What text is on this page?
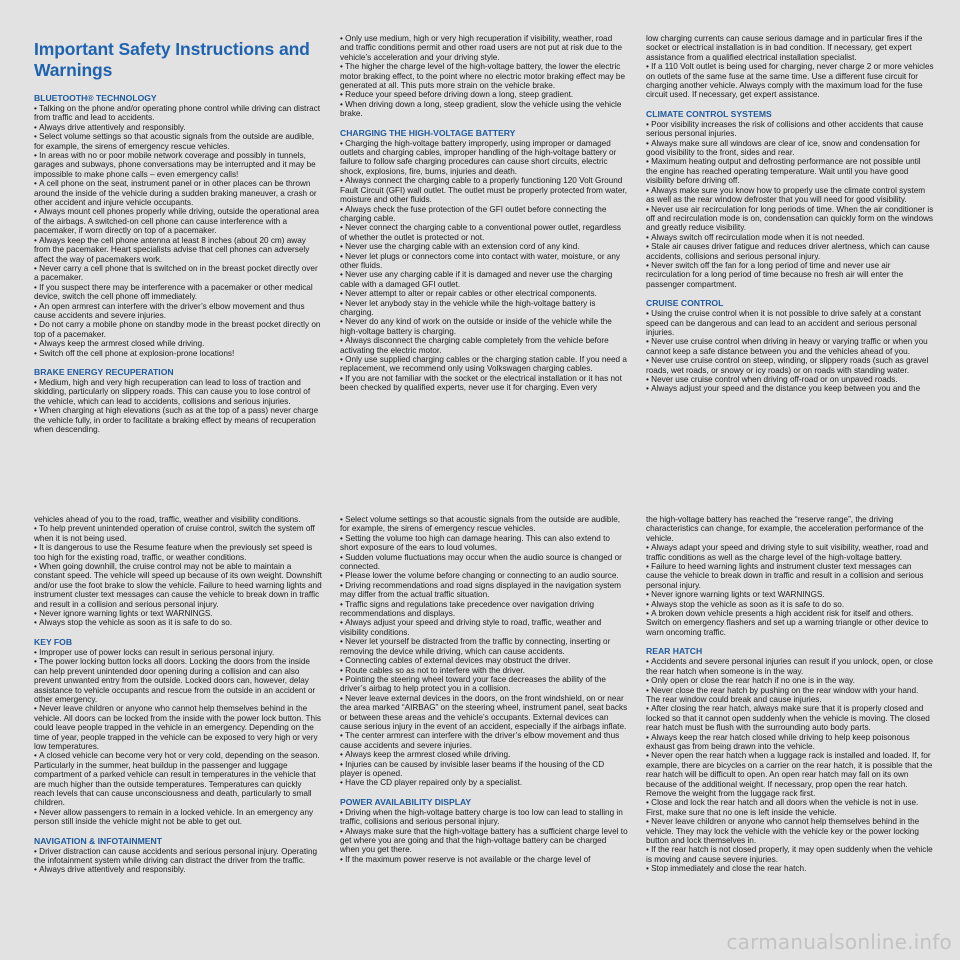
Important Safety Instructions and Warnings
BLUETOOTH® TECHNOLOGY

• Talking on the phone and/or operating phone control while driving can distract from traffic and lead to accidents.

• Always drive attentively and responsibly.

• Select volume settings so that acoustic signals from the outside are audible, for example, the sirens of emergency rescue vehicles.

• In areas with no or poor mobile network coverage and possibly in tunnels, garages and subways, phone conversations may be interrupted and it may be impossible to make phone calls – even emergency calls!

• A cell phone on the seat, instrument panel or in other places can be thrown around the inside of the vehicle during a sudden braking maneuver, a crash or other accident and injure vehicle occupants.

• Always mount cell phones properly while driving, outside the operational area of the airbags. A switched-on cell phone can cause interference with a pacemaker, if worn directly on top of a pacemaker.

• Always keep the cell phone antenna at least 8 inches (about 20 cm) away from the pacemaker. Heart specialists advise that cell phones can adversely affect the way of pacemakers work.

• Never carry a cell phone that is switched on in the breast pocket directly over a pacemaker.

• If you suspect there may be interference with a pacemaker or other medical device, switch the cell phone off immediately.

• An open armrest can interfere with the driver’s elbow movement and thus cause accidents and severe injuries.

• Do not carry a mobile phone on standby mode in the breast pocket directly on top of a pacemaker.

• Always keep the armrest closed while driving.

• Switch off the cell phone at explosion-prone locations!

BRAKE ENERGY RECUPERATION

• Medium, high and very high recuperation can lead to loss of traction and skidding, particularly on slippery roads. This can cause you to lose control of the vehicle, which can lead to accidents, collisions and serious injuries.

• When charging at high elevations (such as at the top of a pass) never charge the vehicle fully, in order to facilitate a braking effect by means of recuperation when descending.

• Only use medium, high or very high recuperation if visibility, weather, road and traffic conditions permit and other road users are not put at risk due to the vehicle’s acceleration and your driving style.

• The higher the charge level of the high-voltage battery, the lower the electric motor braking effect, to the point where no electric motor braking effect may be generated at all. This puts more strain on the vehicle brake.

• Reduce your speed before driving down a long, steep gradient.

• When driving down a long, steep gradient, slow the vehicle using the vehicle brake.

CHARGING THE HIGH-VOLTAGE BATTERY

• Charging the high-voltage battery improperly, using improper or damaged outlets and charging cables, improper handling of the high-voltage battery or failure to follow safe charging procedures can cause short circuits, electric shock, explosions, fire, burns, injuries and death.

• Always connect the charging cable to a properly functioning 120 Volt Ground Fault Circuit (GFI) wall outlet. The outlet must be properly protected from water, moisture and other fluids.

• Always check the fuse protection of the GFI outlet before connecting the charging cable.

• Never connect the charging cable to a conventional power outlet, regardless of whether the outlet is protected or not.

• Never use the charging cable with an extension cord of any kind.

• Never let plugs or connectors come into contact with water, moisture, or any other fluids.

• Never use any charging cable if it is damaged and never use the charging cable with a damaged GFI outlet.

• Never attempt to alter or repair cables or other electrical components.

• Never let anybody stay in the vehicle while the high-voltage battery is charging.

• Never do any kind of work on the outside or inside of the vehicle while the high-voltage battery is charging.

• Always disconnect the charging cable completely from the vehicle before activating the electric motor.

• Only use supplied charging cables or the charging station cable. If you need a replacement, we recommend only using Volkswagen charging cables.

• If you are not familiar with the socket or the electrical installation or it has not been checked by qualified experts, never use it for charging. Even very

low charging currents can cause serious damage and in particular fires if the socket or electrical installation is in bad condition. If necessary, get expert assistance from a qualified electrical installation specialist.

• If a 110 Volt outlet is being used for charging, never charge 2 or more vehicles on outlets of the same fuse at the same time. Use a different fuse circuit for charging another vehicle. Always comply with the maximum load for the fuse circuit used. If necessary, get expert assistance.

CLIMATE CONTROL SYSTEMS

• Poor visibility increases the risk of collisions and other accidents that cause serious personal injuries.

• Always make sure all windows are clear of ice, snow and condensation for good visibility to the front, sides and rear.

• Maximum heating output and defrosting performance are not possible until the engine has reached operating temperature. Wait until you have good visibility before driving off.

• Always make sure you know how to properly use the climate control system as well as the rear window defroster that you will need for good visibility.

• Never use air recirculation for long periods of time. When the air conditioner is off and recirculation mode is on, condensation can quickly form on the windows and greatly reduce visibility.

• Always switch off recirculation mode when it is not needed.

• Stale air causes driver fatigue and reduces driver alertness, which can cause accidents, collisions and serious personal injury.

• Never switch off the fan for a long period of time and never use air recirculation for a long period of time because no fresh air will enter the passenger compartment.

CRUISE CONTROL

• Using the cruise control when it is not possible to drive safely at a constant speed can be dangerous and can lead to an accident and serious personal injuries.

• Never use cruise control when driving in heavy or varying traffic or when you cannot keep a safe distance between you and the vehicles ahead of you.

• Never use cruise control on steep, winding, or slippery roads (such as gravel roads, wet roads, or snowy or icy roads) or on roads with standing water.

• Never use cruise control when driving off-road or on unpaved roads.

• Always adjust your speed and the distance you keep between you and the

vehicles ahead of you to the road, traffic, weather and visibility conditions.

• To help prevent unintended operation of cruise control, switch the system off when it is not being used.

• It is dangerous to use the Resume feature when the previously set speed is too high for the existing road, traffic, or weather conditions.

• When going downhill, the cruise control may not be able to maintain a constant speed. The vehicle will speed up because of its own weight. Downshift and/or use the foot brake to slow the vehicle. Failure to heed warning lights and instrument cluster text messages can cause the vehicle to break down in traffic and result in a collision and serious personal injury.

• Never ignore warning lights or text WARNINGS.

• Always stop the vehicle as soon as it is safe to do so.

KEY FOB

• Improper use of power locks can result in serious personal injury.

• The power locking button locks all doors. Locking the doors from the inside can help prevent unintended door opening during a collision and can also prevent unwanted entry from the outside. Locked doors can, however, delay assistance to vehicle occupants and rescue from the outside in an accident or other emergency.

• Never leave children or anyone who cannot help themselves behind in the vehicle. All doors can be locked from the inside with the power lock button. This could leave people trapped in the vehicle in an emergency. Depending on the time of year, people trapped in the vehicle can be exposed to very high or very low temperatures.

• A closed vehicle can become very hot or very cold, depending on the season. Particularly in the summer, heat buildup in the passenger and luggage compartment of a parked vehicle can result in temperatures in the vehicle that are much higher than the outside temperatures. Temperatures can quickly reach levels that can cause unconsciousness and death, particularly to small children.

• Never allow passengers to remain in a locked vehicle. In an emergency any person still inside the vehicle might not be able to get out.

NAVIGATION & INFOTAINMENT

• Driver distraction can cause accidents and serious personal injury. Operating the infotainment system while driving can distract the driver from the traffic.

• Always drive attentively and responsibly.

• Select volume settings so that acoustic signals from the outside are audible, for example, the sirens of emergency rescue vehicles.

• Setting the volume too high can damage hearing. This can also extend to short exposure of the ears to loud volumes.

• Sudden volume fluctuations may occur when the audio source is changed or connected.

• Please lower the volume before changing or connecting to an audio source.

• Driving recommendations and road signs displayed in the navigation system may differ from the actual traffic situation.

• Traffic signs and regulations take precedence over navigation driving recommendations and displays.

• Always adjust your speed and driving style to road, traffic, weather and visibility conditions.

• Never let yourself be distracted from the traffic by connecting, inserting or removing the device while driving, which can cause accidents.

• Connecting cables of external devices may obstruct the driver.

• Route cables so as not to interfere with the driver.

• Pointing the steering wheel toward your face decreases the ability of the driver’s airbag to help protect you in a collision.

• Never leave external devices in the doors, on the front windshield, on or near the area marked “AIRBAG” on the steering wheel, instrument panel, seat backs or between these areas and the vehicle’s occupants. External devices can cause serious injury in the event of an accident, especially if the airbags inflate.

• The center armrest can interfere with the driver’s elbow movement and thus cause accidents and severe injuries.

• Always keep the armrest closed while driving.

• Injuries can be caused by invisible laser beams if the housing of the CD player is opened.

• Have the CD player repaired only by a specialist.

POWER AVAILABILITY DISPLAY

• Driving when the high-voltage battery charge is too low can lead to stalling in traffic, collisions and serious personal injury.

• Always make sure that the high-voltage battery has a sufficient charge level to get where you are going and that the high-voltage battery can be charged when you get there.

• If the maximum power reserve is not available or the charge level of

the high-voltage battery has reached the “reserve range”, the driving characteristics can change, for example, the acceleration performance of the vehicle.

• Always adapt your speed and driving style to suit visibility, weather, road and traffic conditions as well as the charge level of the high-voltage battery.

• Failure to heed warning lights and instrument cluster text messages can cause the vehicle to break down in traffic and result in a collision and serious personal injury.

• Never ignore warning lights or text WARNINGS.

• Always stop the vehicle as soon as it is safe to do so.

• A broken down vehicle presents a high accident risk for itself and others. Switch on emergency flashers and set up a warning triangle or other device to warn oncoming traffic.

REAR HATCH

• Accidents and severe personal injuries can result if you unlock, open, or close the rear hatch when someone is in the way.

• Only open or close the rear hatch if no one is in the way.

• Never close the rear hatch by pushing on the rear window with your hand. The rear window could break and cause injuries.

• After closing the rear hatch, always make sure that it is properly closed and locked so that it cannot open suddenly when the vehicle is moving. The closed rear hatch must be flush with the surrounding auto body parts.

• Always keep the rear hatch closed while driving to help keep poisonous exhaust gas from being drawn into the vehicle.

• Never open the rear hatch when a luggage rack is installed and loaded. If, for example, there are bicycles on a carrier on the rear hatch, it is possible that the rear hatch will be difficult to open. An open rear hatch may fall on its own because of the additional weight. If necessary, prop open the rear hatch. Remove the weight from the luggage rack first.

• Close and lock the rear hatch and all doors when the vehicle is not in use. First, make sure that no one is left inside the vehicle.

• Never leave children or anyone who cannot help themselves behind in the vehicle. They may lock the vehicle with the vehicle key or the power locking button and lock themselves in.

• If the rear hatch is not closed properly, it may open suddenly when the vehicle is moving and cause severe injuries.

• Stop immediately and close the rear hatch.

carmanualsonline.info
